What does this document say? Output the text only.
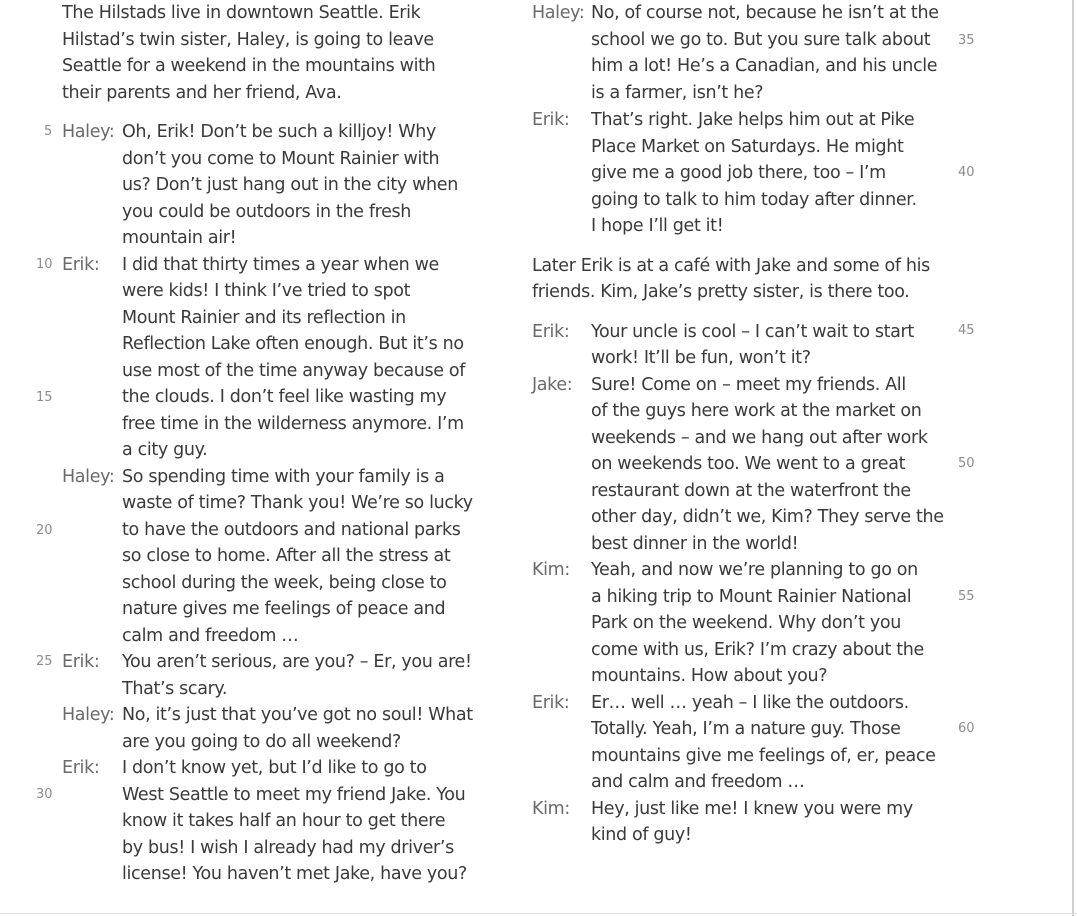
The Hilstads live in downtown Seattle. Erik
Hilstad’s twin sister, Haley, is going to leave
Seattle for a weekend in the mountains with
their parents and her friend, Ava.
Haley: Oh, Erik! Don’t be such a killjoy! Why
don’t you come to Mount Rainier with
us? Don’t just hang out in the city when
you could be outdoors in the fresh
mountain air!
Erik:	I did that thirty times a year when we
were kids! I think I’ve tried to spot
Mount Rainier and its reflection in
Reflection Lake often enough. But it’s no
use most of the time anyway because of
the clouds. I don’t feel like wasting my
free time in the wilderness anymore. I’m
a city guy.
Haley: So spending time with your family is a
waste of time? Thank you! We’re so lucky
to have the outdoors and national parks
so close to home. After all the stress at
school during the week, being close to
nature gives me feelings of peace and
calm and freedom …
Erik:	You aren’t serious, are you? – Er, you are!
That’s scary.
Haley: No, it’s just that you’ve got no soul! What
are you going to do all weekend?
Erik:	I don’t know yet, but I’d like to go to
West Seattle to meet my friend Jake. You
know it takes half an hour to get there
by bus! I wish I already had my driver’s
license! You haven’t met Jake, have you?
Haley: No, of course not, because he isn’t at the
school we go to. But you sure talk about
him a lot! He’s a Canadian, and his uncle
is a farmer, isn’t he?
Erik:	That’s right. Jake helps him out at Pike
Place Market on Saturdays. He might
give me a good job there, too – I’m
going to talk to him today after dinner.
I hope I’ll get it!
Later Erik is at a café with Jake and some of his
friends. Kim, Jake’s pretty sister, is there too.
Erik:	Your uncle is cool – I can’t wait to start
work! It’ll be fun, won’t it?
Jake:	Sure! Come on – meet my friends. All
of the guys here work at the market on
weekends – and we hang out after work
on weekends too. We went to a great
restaurant down at the waterfront the
other day, didn’t we, Kim? They serve the
best dinner in the world!
Kim:	Yeah, and now we’re planning to go on
a hiking trip to Mount Rainier National
Park on the weekend. Why don’t you
come with us, Erik? I’m crazy about the
mountains. How about you?
Erik:	Er… well … yeah – I like the outdoors.
Totally. Yeah, I’m a nature guy. Those
mountains give me feelings of, er, peace
and calm and freedom …
Kim:	Hey, just like me! I knew you were my
kind of guy!
5
10
15
20
25
30
35
40
45
50
55
60
